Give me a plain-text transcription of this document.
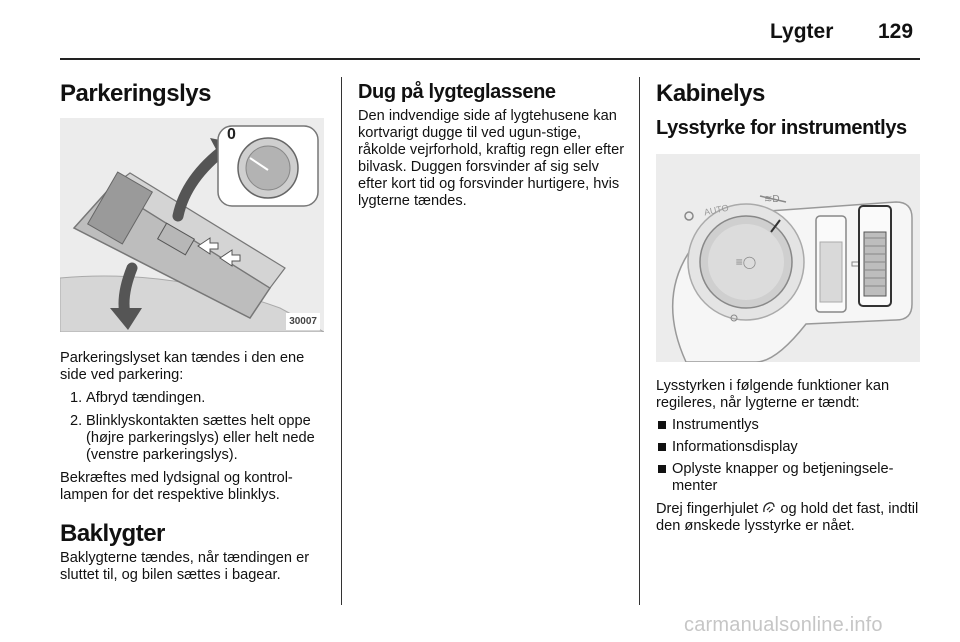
Lygter 129
Parkeringslys
0
30007

Parkeringslyset kan tændes i den ene side ved parkering:

1. Afbryd tændingen.
2. Blinklyskontakten sættes helt oppe (højre parkeringslys) eller helt nede (venstre parkeringslys).

Bekræftes med lydsignal og kontrol-lampen for det respektive blinklys.

Baklygter

Baklygterne tændes, når tændingen er sluttet til, og bilen sættes i bagear.

Dug på lygteglassene

Den indvendige side af lygtehusene kan kortvarigt dugge til ved ugun-stige, råkolde vejrforhold, kraftig regn eller efter bilvask. Duggen forsvinder af sig selv efter kort tid og forsvinder hurtigere, hvis lygterne tændes.

Kabinelys
Lysstyrke for instrumentlys
≡◯
≋D
AUTO

Lysstyrken i følgende funktioner kan regileres, når lygterne er tændt:

Instrumentlys
Informationsdisplay
Oplyste knapper og betjeningsele-menter

Drej fingerhjulet og hold det fast, indtil den ønskede lysstyrke er nået.

carmanualsonline.info
